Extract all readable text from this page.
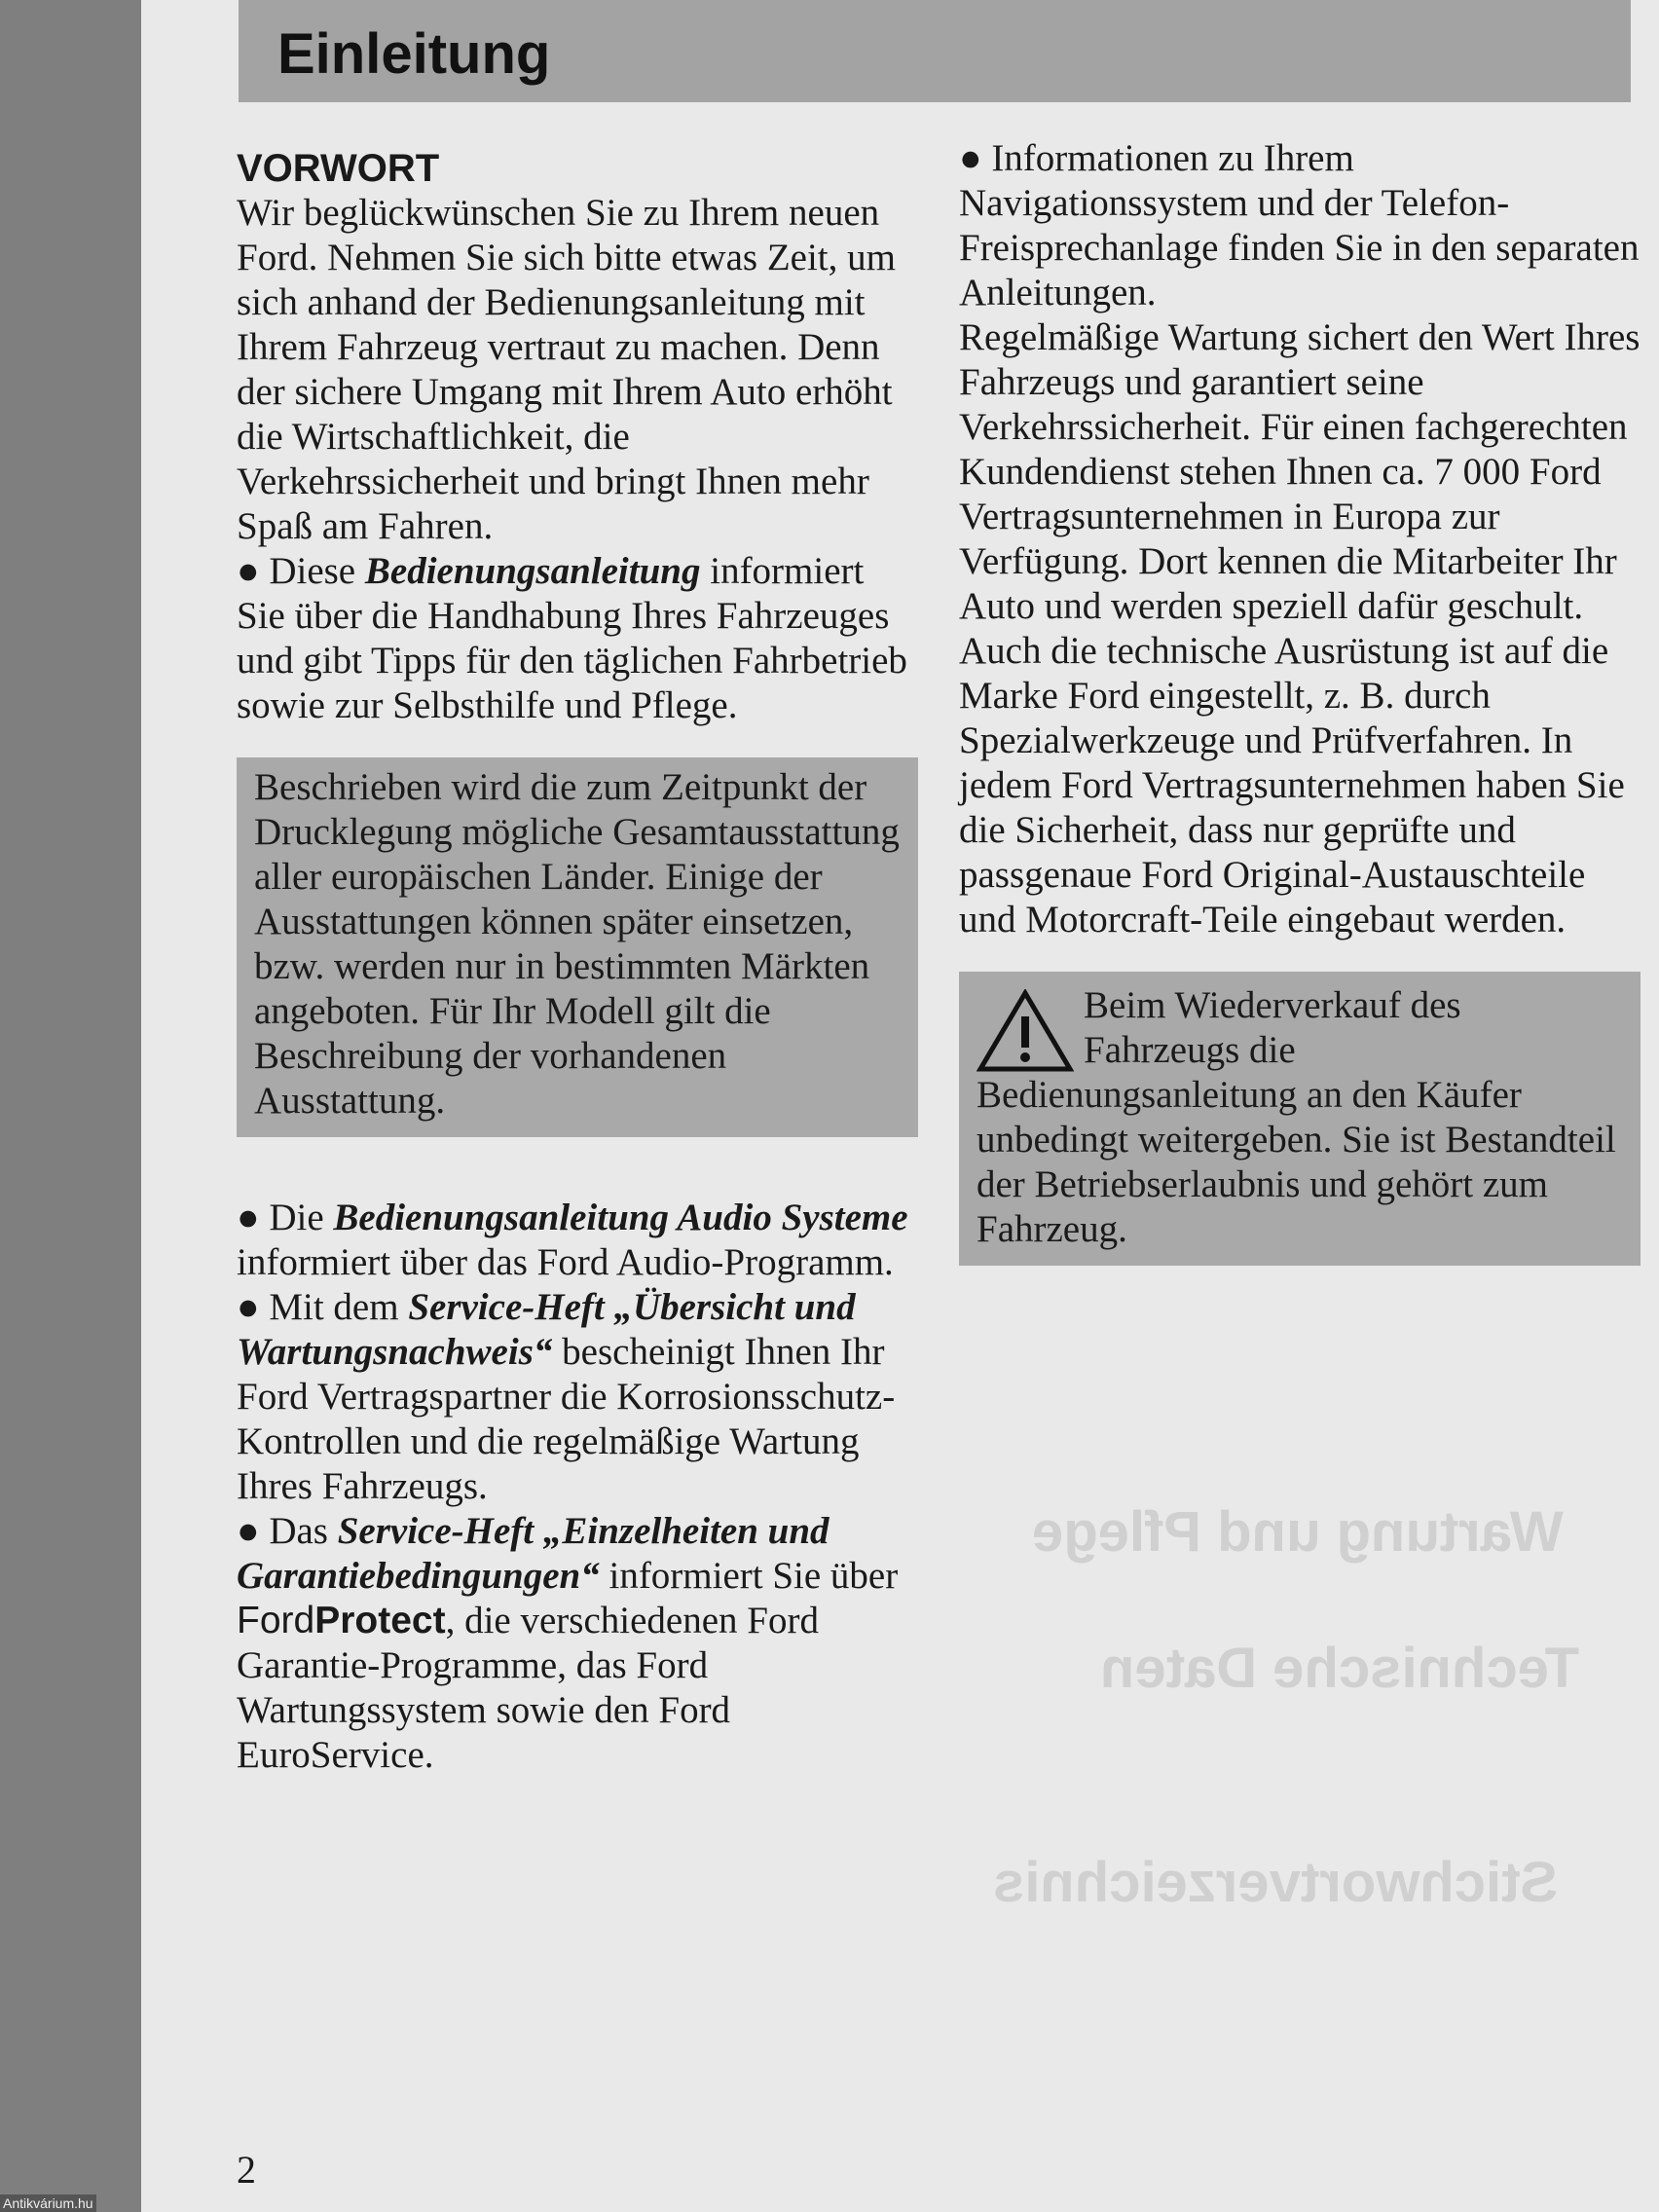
Wartung und Pflege
Technische Daten
Stichwortverzeichnis
Einleitung

VORWORT

Wir beglückwünschen Sie zu Ihrem neuen Ford. Nehmen Sie sich bitte etwas Zeit, um sich anhand der Bedienungsanleitung mit Ihrem Fahrzeug vertraut zu machen. Denn der sichere Umgang mit Ihrem Auto erhöht die Wirtschaftlichkeit, die Verkehrssicherheit und bringt Ihnen mehr Spaß am Fahren.

● Diese Bedienungsanleitung informiert Sie über die Handhabung Ihres Fahrzeuges und gibt Tipps für den täglichen Fahrbetrieb sowie zur Selbsthilfe und Pflege.

Beschrieben wird die zum Zeitpunkt der Drucklegung mögliche Gesamtausstattung aller europäischen Länder. Einige der Ausstattungen können später einsetzen, bzw. werden nur in bestimmten Märkten angeboten. Für Ihr Modell gilt die Beschreibung der vorhandenen Ausstattung.

● Die Bedienungsanleitung Audio Systeme informiert über das Ford Audio-Programm.

● Mit dem Service-Heft „Übersicht und Wartungsnachweis“ bescheinigt Ihnen Ihr Ford Vertragspartner die Korrosionsschutz-Kontrollen und die regelmäßige Wartung Ihres Fahrzeugs.

● Das Service-Heft „Einzelheiten und Garantiebedingungen“ informiert Sie über FordProtect, die verschiedenen Ford Garantie-Programme, das Ford Wartungssystem sowie den Ford EuroService.

● Informationen zu Ihrem Navigationssystem und der Telefon-Freisprechanlage finden Sie in den separaten Anleitungen.

Regelmäßige Wartung sichert den Wert Ihres Fahrzeugs und garantiert seine Verkehrssicherheit. Für einen fachgerechten Kundendienst stehen Ihnen ca. 7 000 Ford Vertragsunternehmen in Europa zur Verfügung. Dort kennen die Mitarbeiter Ihr Auto und werden speziell dafür geschult. Auch die technische Ausrüstung ist auf die Marke Ford eingestellt, z. B. durch Spezialwerkzeuge und Prüfverfahren. In jedem Ford Vertragsunternehmen haben Sie die Sicherheit, dass nur geprüfte und passgenaue Ford Original-Austauschteile und Motorcraft-Teile eingebaut werden.

Beim Wiederverkauf des Fahrzeugs die Bedienungsanleitung an den Käufer unbedingt weitergeben. Sie ist Bestandteil der Betriebserlaubnis und gehört zum Fahrzeug.

2
Antikvárium.hu
